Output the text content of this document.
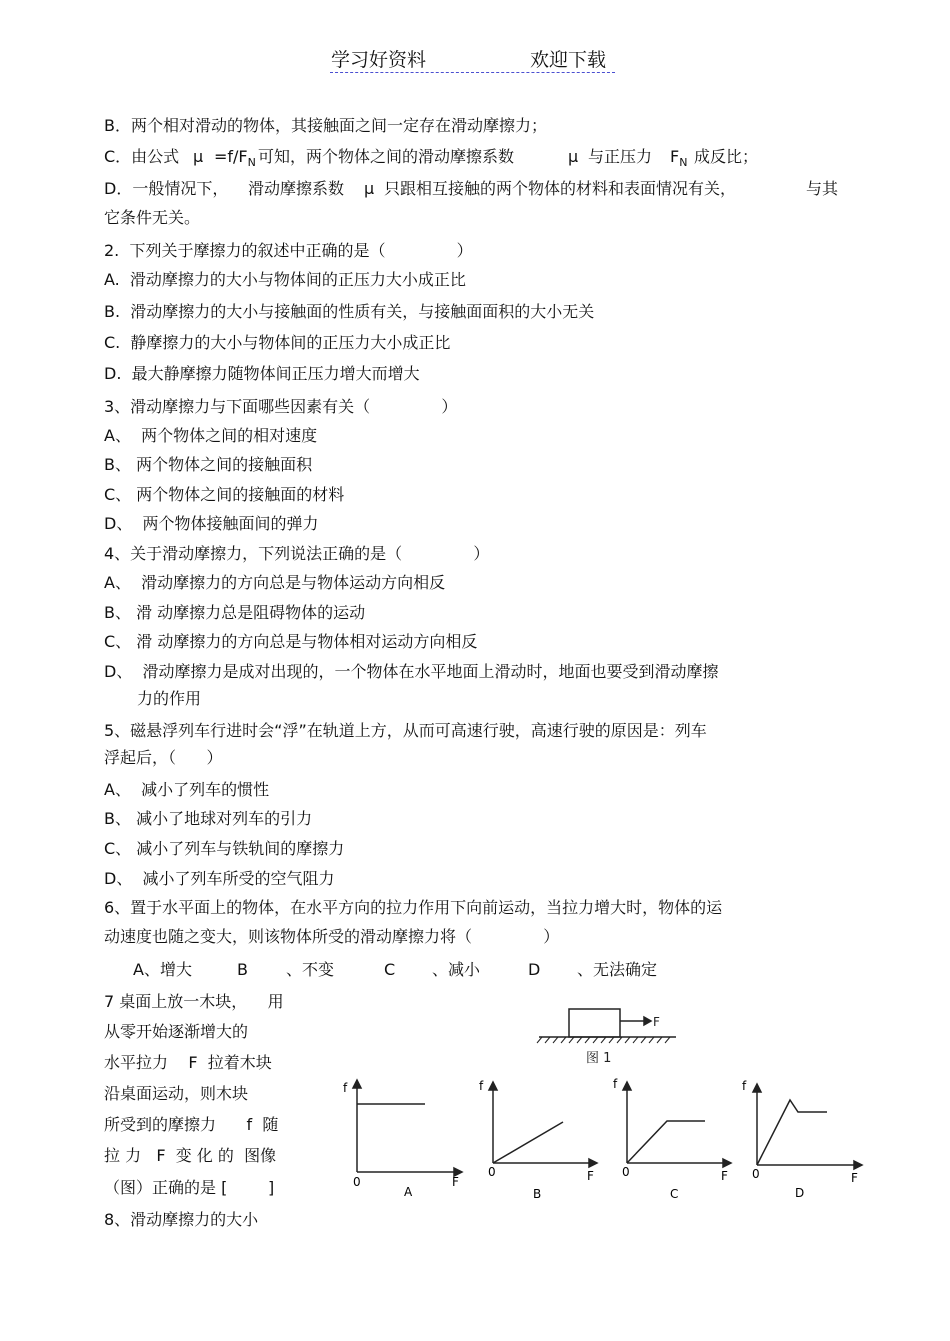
学习好资料	欢迎下载
B．两个相对滑动的物体，其接触面之间一定存在滑动摩擦力；
C．由公式 $\mu =f/F_N$ 可知，两个物体之间的滑动摩擦系数	μ 与正压力 $F_N$ 成反比；
D．一般情况下， 滑动摩擦系数 μ 只跟相互接触的两个物体的材料和表面情况有关，	与其
它条件无关。
2.  下列关于摩擦力的叙述中正确的是（              ）
A.  滑动摩擦力的大小与物体间的正压力大小成正比
B.  滑动摩擦力的大小与接触面的性质有关，与接触面面积的大小无关
C.  静摩擦力的大小与物体间的正压力大小成正比
D.  最大静摩擦力随物体间正压力增大而增大
3、滑动摩擦力与下面哪些因素有关（              ）
A、  两个物体之间的相对速度
B、 两个物体之间的接触面积
C、 两个物体之间的接触面的材料
D、  两个物体接触面间的弹力
4、关于滑动摩擦力，下列说法正确的是（              ）
A、  滑动摩擦力的方向总是与物体运动方向相反
B、 滑 动摩擦力总是阻碍物体的运动
C、 滑 动摩擦力的方向总是与物体相对运动方向相反
D、  滑动摩擦力是成对出现的，一个物体在水平地面上滑动时，地面也要受到滑动摩擦
力的作用
5、磁悬浮列车行进时会“浮”在轨道上方，从而可高速行驶，高速行驶的原因是：列车
浮起后，（      ）
A、  减小了列车的惯性
B、 减小了地球对列车的引力
C、 减小了列车与铁轨间的摩擦力
D、  减小了列车所受的空气阻力
6、置于水平面上的物体，在水平方向的拉力作用下向前运动，当拉力增大时，物体的运
动速度也随之变大，则该物体所受的滑动摩擦力将（              ）
A、增大	B 、不变	C 、减小	D 、无法确定
7 桌面上放一木块，    用
从零开始逐渐增大的
水平拉力    F  拉着木块
沿桌面运动，则木块
所受到的摩擦力      f  随
拉 力   F  变 化 的  图像
（图）正确的是 [        ]
8、滑动摩擦力的大小
F
图 1
f
0	F
A
f
0	F
B
f
0	F
C
f
0	F
D
